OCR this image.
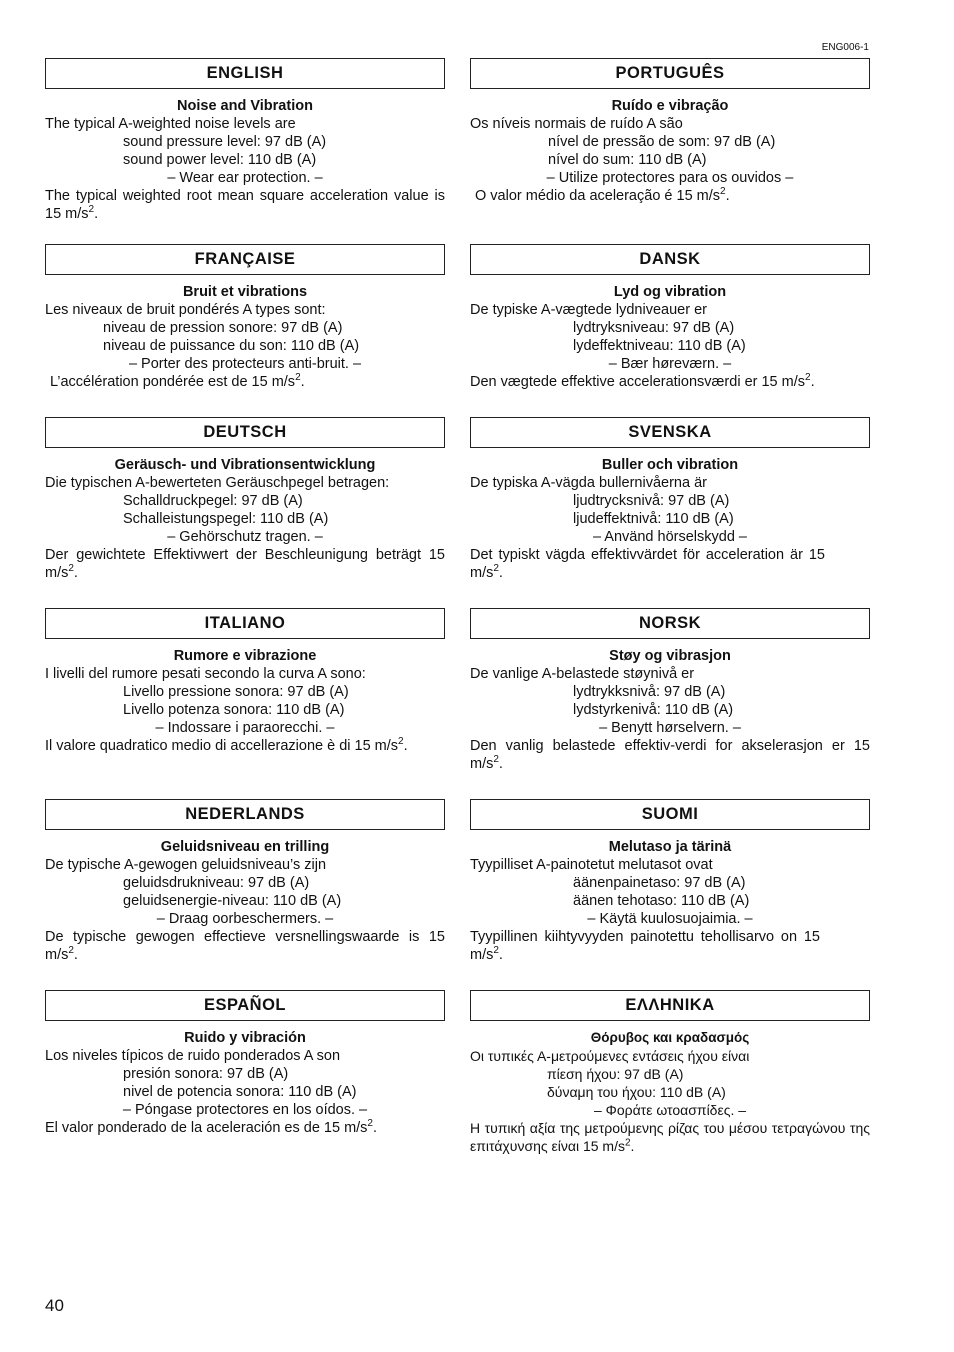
ENG006-1
ENGLISH
Noise and Vibration
The typical A-weighted noise levels are
sound pressure level: 97 dB (A)
sound power level: 110 dB (A)
– Wear ear protection. –
The typical weighted root mean square acceleration value is 15 $m/s^2$.
PORTUGUÊS
Ruído e vibração
Os níveis normais de ruído A são
nível de pressão de som: 97 dB (A)
nível do sum: 110 dB (A)
– Utilize protectores para os ouvidos –
O valor médio da aceleração é 15 $m/s^2$.
FRANÇAISE
Bruit et vibrations
Les niveaux de bruit pondérés A types sont:
niveau de pression sonore: 97 dB (A)
niveau de puissance du son: 110 dB (A)
– Porter des protecteurs anti-bruit. –
L’accélération pondérée est de 15 $m/s^2$.
DANSK
Lyd og vibration
De typiske A-vægtede lydniveauer er
lydtryksniveau: 97 dB (A)
lydeffektniveau: 110 dB (A)
– Bær høreværn. –
Den vægtede effektive accelerationsværdi er 15 $m/s^2$.
DEUTSCH
Geräusch- und Vibrationsentwicklung
Die typischen A-bewerteten Geräuschpegel betragen:
Schalldruckpegel: 97 dB (A)
Schalleistungspegel: 110 dB (A)
– Gehörschutz tragen. –
Der gewichtete Effektivwert der Beschleunigung beträgt 15 $m/s^2$.
SVENSKA
Buller och vibration
De typiska A-vägda bullernivåerna är
ljudtrycksnivå: 97 dB (A)
ljudeffektnivå: 110 dB (A)
– Använd hörselskydd –
Det typiskt vägda effektivvärdet för acceleration är 15 $m/s^2$.
ITALIANO
Rumore e vibrazione
I livelli del rumore pesati secondo la curva A sono:
Livello pressione sonora: 97 dB (A)
Livello potenza sonora: 110 dB (A)
– Indossare i paraorecchi. –
Il valore quadratico medio di accellerazione è di 15 $m/s^2$.
NORSK
Støy og vibrasjon
De vanlige A-belastede støynivå er
lydtrykksnivå: 97 dB (A)
lydstyrkenivå: 110 dB (A)
– Benytt hørselvern. –
Den vanlig belastede effektiv-verdi for akselerasjon er 15 $m/s^2$.
NEDERLANDS
Geluidsniveau en trilling
De typische A-gewogen geluidsniveau’s zijn
geluidsdrukniveau: 97 dB (A)
geluidsenergie-niveau: 110 dB (A)
– Draag oorbeschermers. –
De typische gewogen effectieve versnellingswaarde is 15 $m/s^2$.
SUOMI
Melutaso ja tärinä
Tyypilliset A-painotetut melutasot ovat
äänenpainetaso: 97 dB (A)
äänen tehotaso: 110 dB (A)
– Käytä kuulosuojaimia. –
Tyypillinen kiihtyvyyden painotettu tehollisarvo on 15 $m/s^2$.
ESPAÑOL
Ruido y vibración
Los niveles típicos de ruido ponderados A son
presión sonora: 97 dB (A)
nivel de potencia sonora: 110 dB (A)
– Póngase protectores en los oídos. –
El valor ponderado de la aceleración es de 15 $m/s^2$.
ΕΛΛΗΝΙΚΑ
Θόρυβος και κραδασμός
Οι τυπικές Α-μετρούμενες εντάσεις ήχου είναι
πίεση ήχου: 97 dB (A)
δύναμη του ήχου: 110 dB (A)
– Φοράτε ωτοασπίδες. –
Η τυπική αξία της μετρούμενης ρίζας του μέσου τετραγώνου της επιτάχυνσης είναι 15 $m/s^2$.
40
